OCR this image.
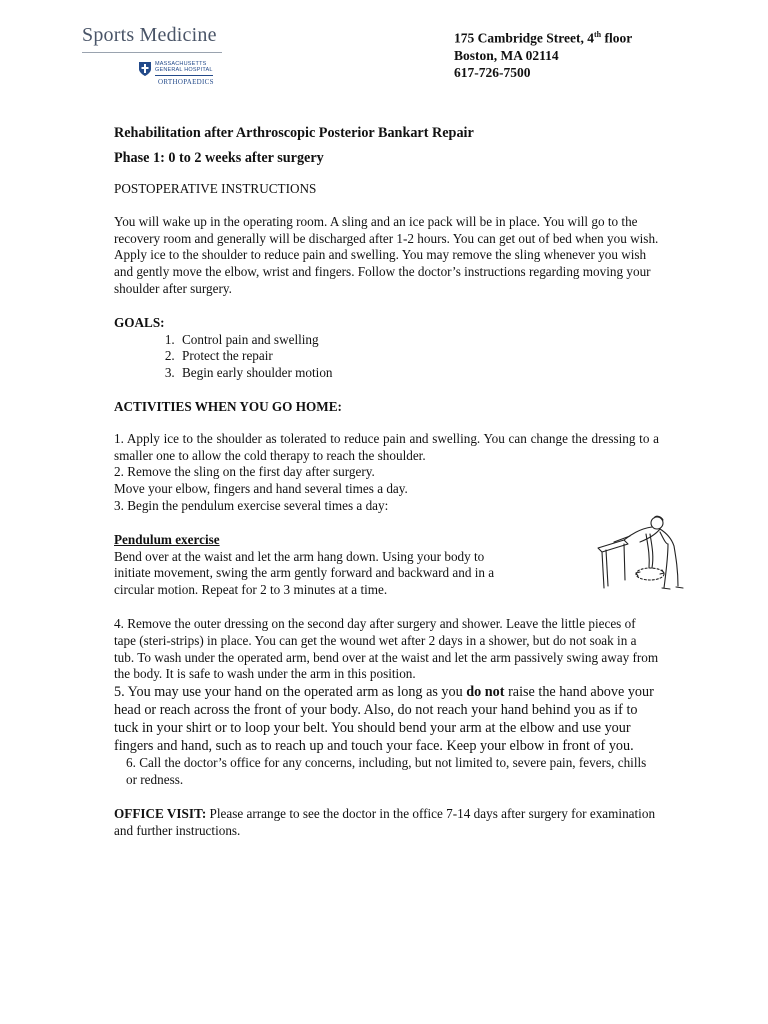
Sports Medicine
MASSACHUSETTS
GENERAL HOSPITAL
ORTHOPAEDICS
175 Cambridge Street, 4th floor
Boston, MA 02114
617-726-7500
Rehabilitation after Arthroscopic Posterior Bankart Repair
Phase 1: 0 to 2 weeks after surgery
POSTOPERATIVE INSTRUCTIONS
You will wake up in the operating room. A sling and an ice pack will be in place. You will go to the recovery room and generally will be discharged after 1-2 hours. You can get out of bed when you wish. Apply ice to the shoulder to reduce pain and swelling. You may remove the sling whenever you wish and gently move the elbow, wrist and fingers. Follow the doctor’s instructions regarding moving your shoulder after surgery.
GOALS:
1. Control pain and swelling
2. Protect the repair
3. Begin early shoulder motion
ACTIVITIES WHEN YOU GO HOME:
1. Apply ice to the shoulder as tolerated to reduce pain and swelling. You can change the dressing to a smaller one to allow the cold therapy to reach the shoulder.
2. Remove the sling on the first day after surgery.
Move your elbow, fingers and hand several times a day.
3. Begin the pendulum exercise several times a day:
Pendulum exercise
Bend over at the waist and let the arm hang down. Using your body to initiate movement, swing the arm gently forward and backward and in a circular motion. Repeat for 2 to 3 minutes at a time.
4. Remove the outer dressing on the second day after surgery and shower. Leave the little pieces of tape (steri-strips) in place. You can get the wound wet after 2 days in a shower, but do not soak in a tub. To wash under the operated arm, bend over at the waist and let the arm passively swing away from the body. It is safe to wash under the arm in this position.
5. You may use your hand on the operated arm as long as you do not raise the hand above your head or reach across the front of your body. Also, do not reach your hand behind you as if to tuck in your shirt or to loop your belt. You should bend your arm at the elbow and use your fingers and hand, such as to reach up and touch your face. Keep your elbow in front of you.
6. Call the doctor’s office for any concerns, including, but not limited to, severe pain, fevers, chills or redness.
OFFICE VISIT: Please arrange to see the doctor in the office 7-14 days after surgery for examination and further instructions.
